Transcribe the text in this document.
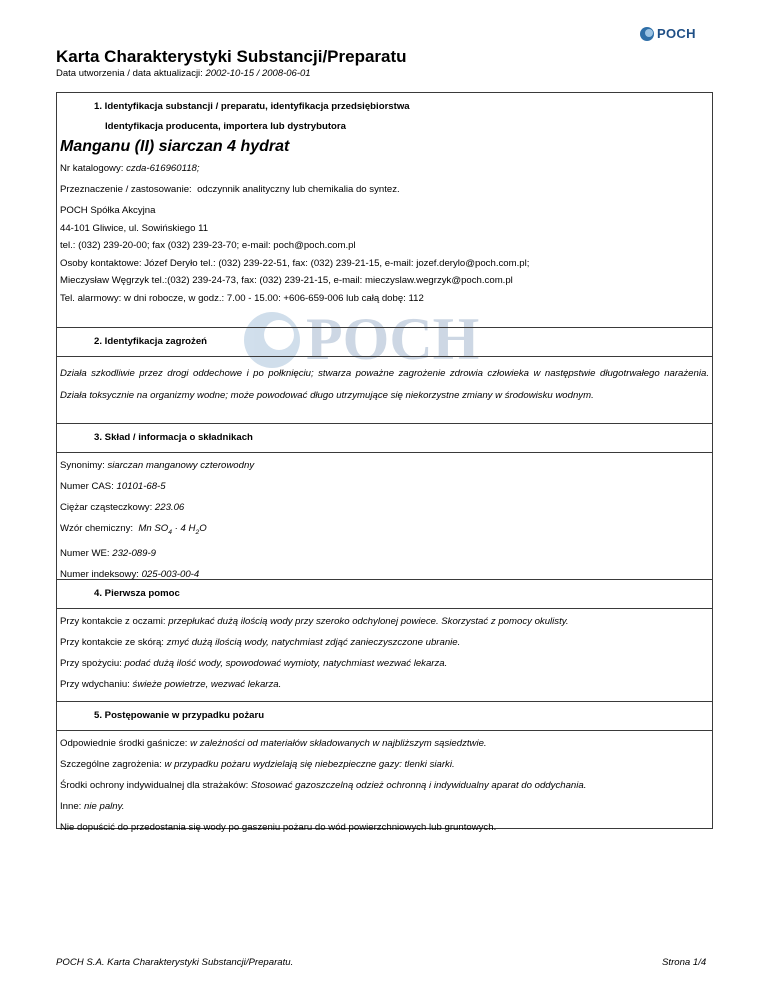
POCH
Karta Charakterystyki Substancji/Preparatu
Data utworzenia / data aktualizacji: 2002-10-15 / 2008-06-01
POCH
1. Identyfikacja substancji / preparatu, identyfikacja przedsiębiorstwa
Identyfikacja producenta, importera lub dystrybutora
Manganu (II) siarczan 4 hydrat
Nr katalogowy: czda-616960118;
Przeznaczenie / zastosowanie: odczynnik analityczny lub chemikalia do syntez.
POCH Spółka Akcyjna
44-101 Gliwice, ul. Sowińskiego 11
tel.: (032) 239-20-00; fax (032) 239-23-70; e-mail: poch@poch.com.pl
Osoby kontaktowe: Józef Deryło tel.: (032) 239-22-51, fax: (032) 239-21-15, e-mail: jozef.derylo@poch.com.pl;
Mieczysław Węgrzyk tel.:(032) 239-24-73, fax: (032) 239-21-15, e-mail: mieczyslaw.wegrzyk@poch.com.pl
Tel. alarmowy: w dni robocze, w godz.: 7.00 - 15.00: +606-659-006 lub całą dobę: 112
2. Identyfikacja zagrożeń

Działa szkodliwie przez drogi oddechowe i po połknięciu; stwarza poważne zagrożenie zdrowia człowieka w następstwie długotrwałego narażenia. Działa toksycznie na organizmy wodne; może powodować długo utrzymujące się niekorzystne zmiany w środowisku wodnym.

3. Skład / informacja o składnikach
Synonimy: siarczan manganowy czterowodny
Numer CAS: 10101-68-5
Ciężar cząsteczkowy: 223.06
Wzór chemiczny: Mn $SO_4 \cdot 4$ $H_2O$
Numer WE: 232-089-9
Numer indeksowy: 025-003-00-4
4. Pierwsza pomoc
Przy kontakcie z oczami: przepłukać dużą ilością wody przy szeroko odchylonej powiece. Skorzystać z pomocy okulisty.
Przy kontakcie ze skórą: zmyć dużą ilością wody, natychmiast zdjąć zanieczyszczone ubranie.
Przy spożyciu: podać dużą ilość wody, spowodować wymioty, natychmiast wezwać lekarza.
Przy wdychaniu: świeże powietrze, wezwać lekarza.
5. Postępowanie w przypadku pożaru
Odpowiednie środki gaśnicze: w zależności od materiałów składowanych w najbliższym sąsiedztwie.
Szczególne zagrożenia: w przypadku pożaru wydzielają się niebezpieczne gazy: tlenki siarki.
Środki ochrony indywidualnej dla strażaków: Stosować gazoszczelną odzież ochronną i indywidualny aparat do oddychania.
Inne: nie palny.
Nie dopuścić do przedostania się wody po gaszeniu pożaru do wód powierzchniowych lub gruntowych.
POCH S.A. Karta Charakterystyki Substancji/Preparatu.	Strona 1/4
